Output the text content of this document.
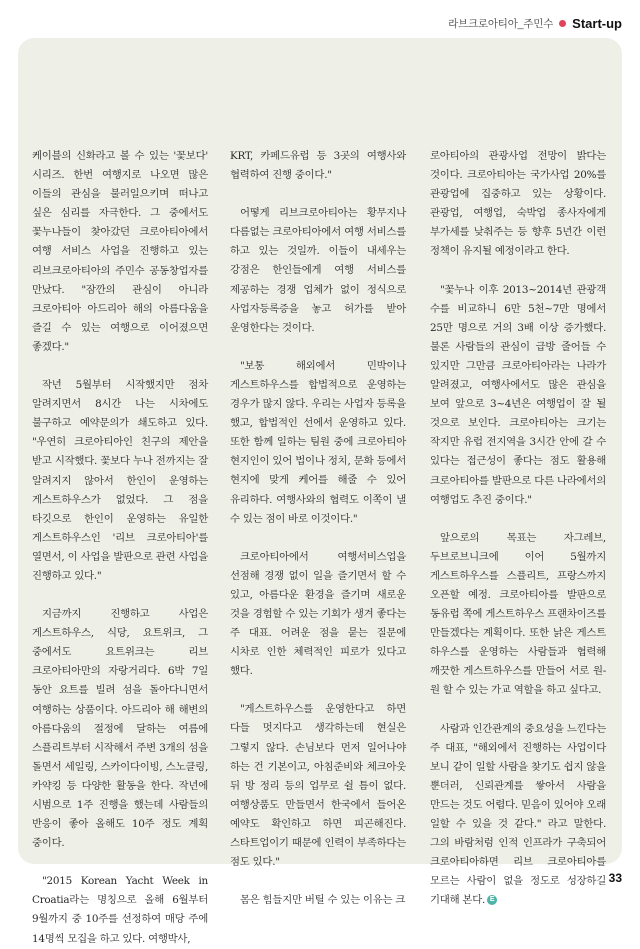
라브크로아티아_주민수 Start-up

케이블의 신화라고 볼 수 있는 '꽃보다' 시리즈. 한번 여행지로 나오면 많은 이들의 관심을 불러일으키며 떠나고 싶은 심리를 자극한다. 그 중에서도 꽃누나들이 찾아갔던 크로아티아에서 여행 서비스 사업을 진행하고 있는 리브크로아티아의 주민수 공동창업자를 만났다. "잠깐의 관심이 아니라 크로아티아 아드리아 해의 아름다움을 즐길 수 있는 여행으로 이어졌으면 좋겠다."

작년 5월부터 시작했지만 점차 알려지면서 8시간 나는 시차에도 불구하고 예약문의가 쇄도하고 있다. "우연히 크로아티아인 친구의 제안을 받고 시작했다. 꽃보다 누나 전까지는 잘 알려지지 않아서 한인이 운영하는 게스트하우스가 없었다. 그 점을 타깃으로 한인이 운영하는 유일한 게스트하우스인 '리브 크로아티아'를 열면서, 이 사업을 발판으로 관련 사업을 진행하고 있다."

지금까지 진행하고 사업은 게스트하우스, 식당, 요트위크, 그 중에서도 요트위크는 리브 크로아티아만의 자랑거리다. 6박 7일 동안 요트를 빌려 섬을 돌아다니면서 여행하는 상품이다. 아드리아 해 해변의 아름다움의 절정에 달하는 여름에 스플리트부터 시작해서 주변 3개의 섬을 돌면서 세일링, 스카이다이빙, 스노클링, 카약킹 등 다양한 활동을 한다. 작년에 시범으로 1주 진행을 했는데 사람들의 반응이 좋아 올해도 10주 정도 계획 중이다.

"2015 Korean Yacht Week in Croatia라는 명칭으로 올해 6월부터 9월까지 중 10주를 선정하여 매당 주에 14명씩 모집을 하고 있다. 여행박사,

KRT, 카페드유럽 등 3곳의 여행사와 협력하여 진행 중이다."

어떻게 리브크로아티아는 황무지나 다름없는 크로아티아에서 여행 서비스를 하고 있는 것일까. 이들이 내세우는 강점은 한인들에게 여행 서비스를 제공하는 경쟁 업체가 없이 정식으로 사업자등록증을 놓고 허가를 받아 운영한다는 것이다.

"보통 해외에서 민박이나 게스트하우스를 합법적으로 운영하는 경우가 많지 않다. 우리는 사업자 등록을 했고, 합법적인 선에서 운영하고 있다. 또한 함께 일하는 팀원 중에 크로아티아 현지인이 있어 법이나 정치, 문화 등에서 현지에 맞게 케어를 해줄 수 있어 유리하다. 여행사와의 협력도 이쪽이 낼 수 있는 점이 바로 이것이다."

크로아티아에서 여행서비스업을 선점해 경쟁 없이 일을 즐기면서 할 수 있고, 아름다운 환경을 즐기며 새로운 것을 경험할 수 있는 기회가 생겨 좋다는 주 대표. 어려운 점을 묻는 질문에 시차로 인한 체력적인 피로가 있다고 했다.

"게스트하우스를 운영한다고 하면 다들 멋지다고 생각하는데 현실은 그렇지 않다. 손님보다 먼저 일어나야 하는 건 기본이고, 아침준비와 체크아웃 뒤 방 정리 등의 업무로 쉴 틈이 없다. 여행상품도 만들면서 한국에서 들어온 예약도 확인하고 하면 피곤해진다. 스타트업이기 때문에 인력이 부족하다는 점도 있다."

몸은 힘들지만 버틸 수 있는 이유는 크

로아티아의 관광사업 전망이 밝다는 것이다. 크로아티아는 국가사업 20%를 관광업에 집중하고 있는 상황이다. 관광업, 여행업, 숙박업 종사자에게 부가세를 낮춰주는 등 향후 5년간 이런 정책이 유지될 예정이라고 한다.

"꽃누나 이후 2013~2014년 관광객 수를 비교하니 6만 5천~7만 명에서 25만 명으로 거의 3배 이상 증가했다. 불론 사람들의 관심이 급방 줄어들 수 있지만 그만큼 크로아티아라는 나라가 알려졌고, 여행사에서도 많은 관심을 보여 앞으로 3~4년은 여행업이 잘 될 것으로 보인다. 크로아티아는 크기는 작지만 유럽 전지역을 3시간 안에 갈 수 있다는 접근성이 좋다는 점도 활용해 크로아티아를 발판으로 다른 나라에서의 여행업도 추진 중이다."

앞으로의 목표는 자그레브, 두브로브니크에 이어 5월까지 게스트하우스를 스플리트, 프랑스까지 오픈할 예정. 크로아티아를 발판으로 동유럽 쪽에 게스트하우스 프랜차이즈를 만들겠다는 계획이다. 또한 낡은 게스트 하우스를 운영하는 사람들과 협력해 깨끗한 게스트하우스를 만들어 서로 원-원 할 수 있는 가교 역할을 하고 싶다고.

사람과 인간관계의 중요성을 느낀다는 주 대표, "해외에서 진행하는 사업이다 보니 같이 일할 사람을 찾기도 쉽지 않을 뿐더러, 신뢰관계를 쌓아서 사람을 만드는 것도 어렵다. 믿음이 있어야 오래 일할 수 있을 것 같다." 라고 말한다. 그의 바람처럼 인적 인프라가 구축되어 크로아티아하면 리브 크로아티아를 모르는 사람이 없을 정도로 성장하길 기대해 본다. E

33
